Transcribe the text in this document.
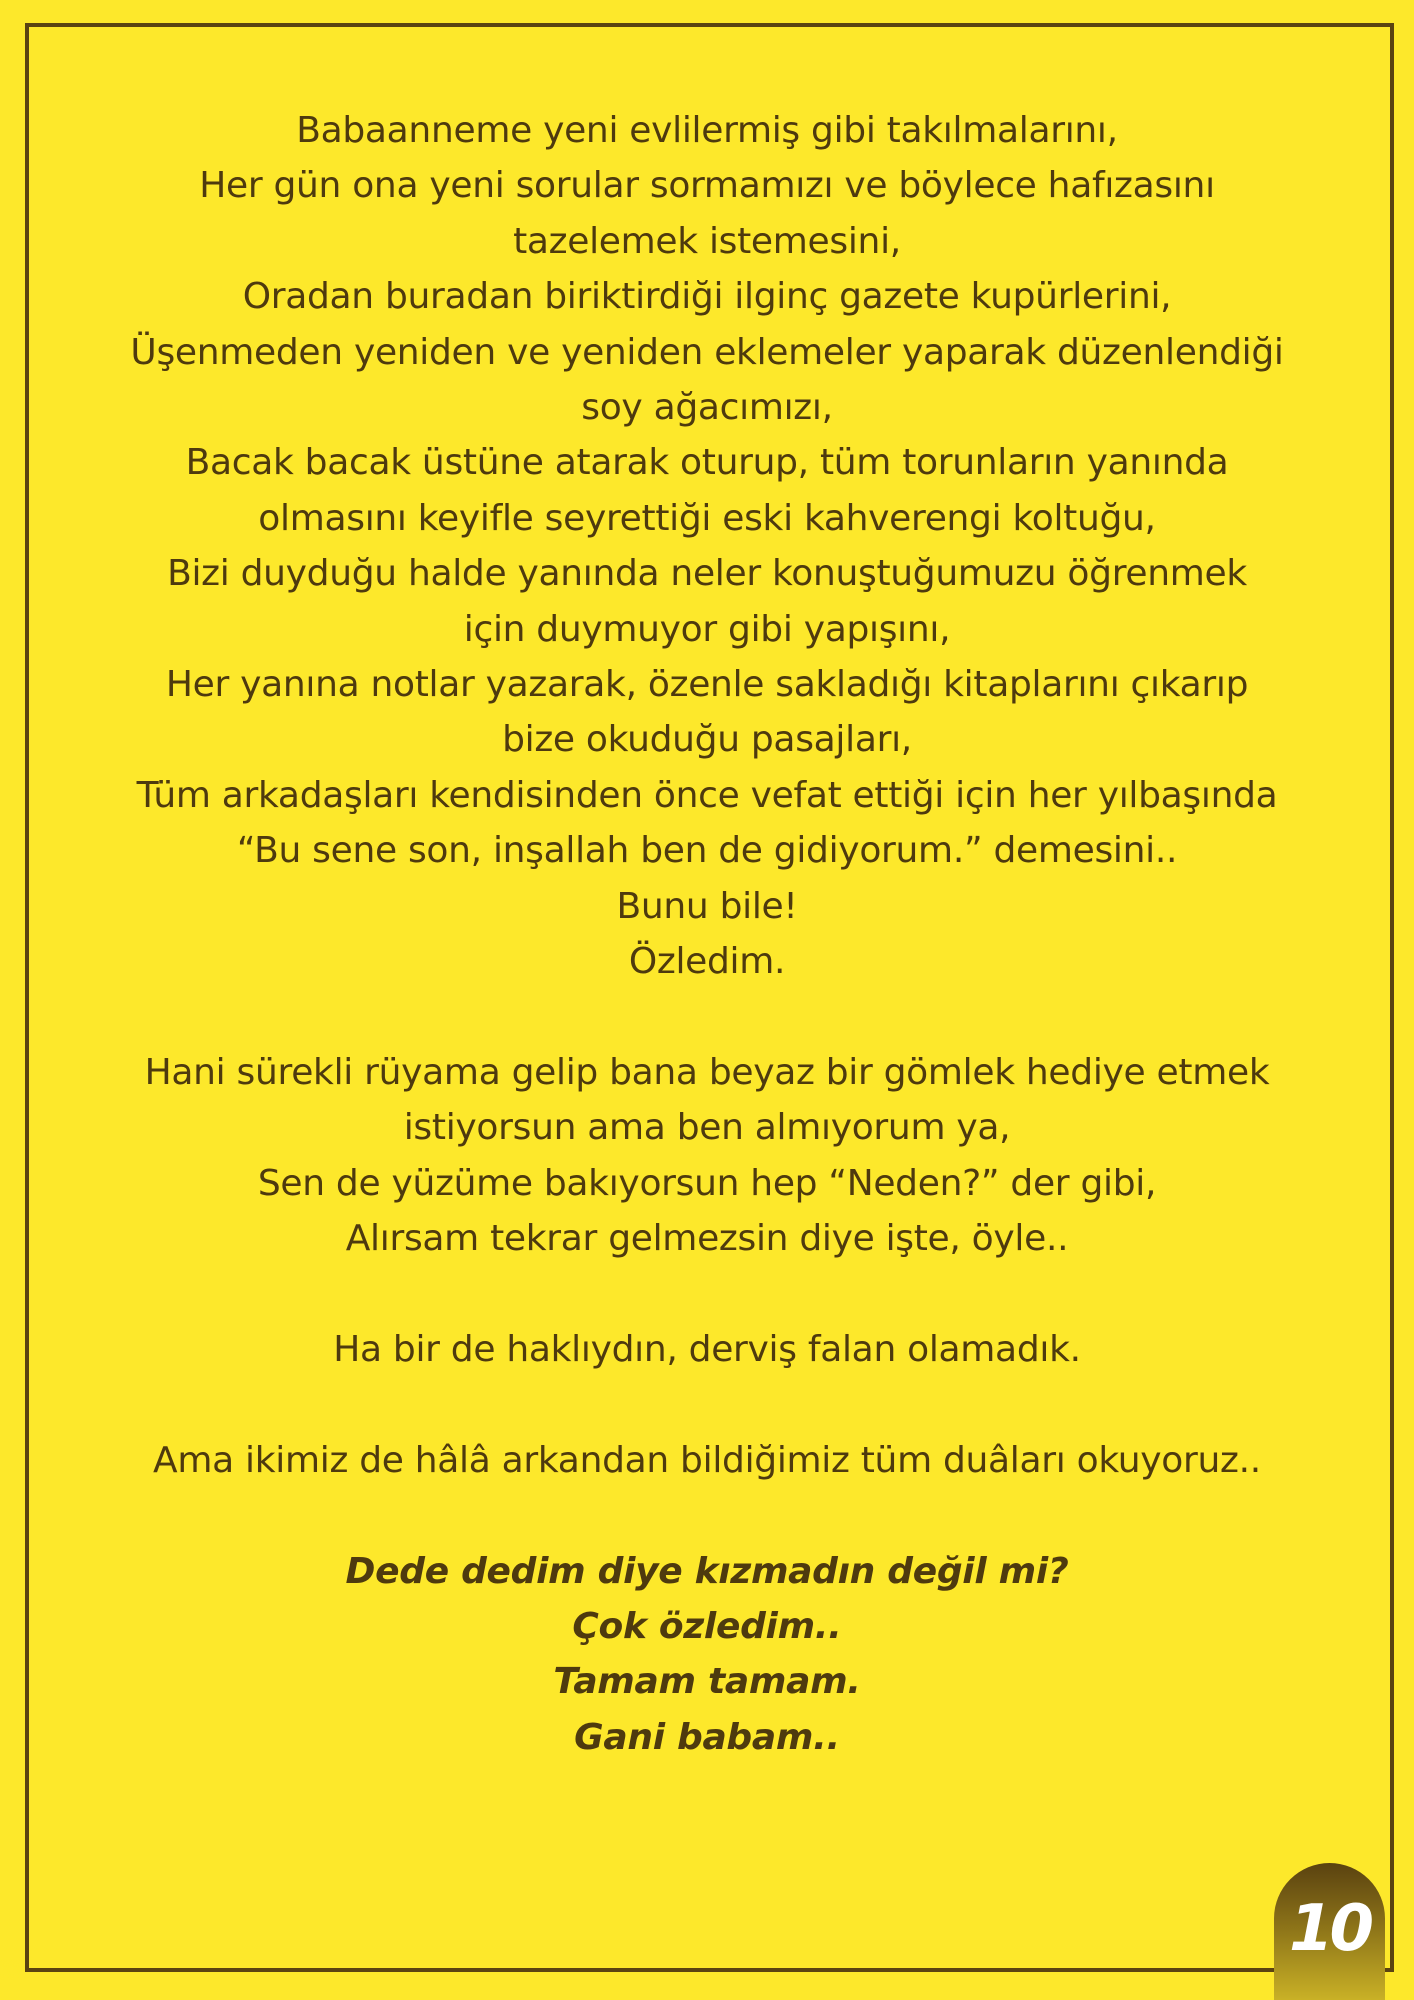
Babaanneme yeni evlilermiş gibi takılmalarını,
Her gün ona yeni sorular sormamızı ve böylece hafızasını
tazelemek istemesini,
Oradan buradan biriktirdiği ilginç gazete kupürlerini,
Üşenmeden yeniden ve yeniden eklemeler yaparak düzenlendiği
soy ağacımızı,
Bacak bacak üstüne atarak oturup, tüm torunların yanında
olmasını keyifle seyrettiği eski kahverengi koltuğu,
Bizi duyduğu halde yanında neler konuştuğumuzu öğrenmek
için duymuyor gibi yapışını,
Her yanına notlar yazarak, özenle sakladığı kitaplarını çıkarıp
bize okuduğu pasajları,
Tüm arkadaşları kendisinden önce vefat ettiği için her yılbaşında
“Bu sene son, inşallah ben de gidiyorum.” demesini..
Bunu bile!
Özledim.
Hani sürekli rüyama gelip bana beyaz bir gömlek hediye etmek
istiyorsun ama ben almıyorum ya,
Sen de yüzüme bakıyorsun hep “Neden?” der gibi,
Alırsam tekrar gelmezsin diye işte, öyle..
Ha bir de haklıydın, derviş falan olamadık.
Ama ikimiz de hâlâ arkandan bildiğimiz tüm duâları okuyoruz..
Dede dedim diye kızmadın değil mi?
Çok özledim..
Tamam tamam.
Gani babam..
10
